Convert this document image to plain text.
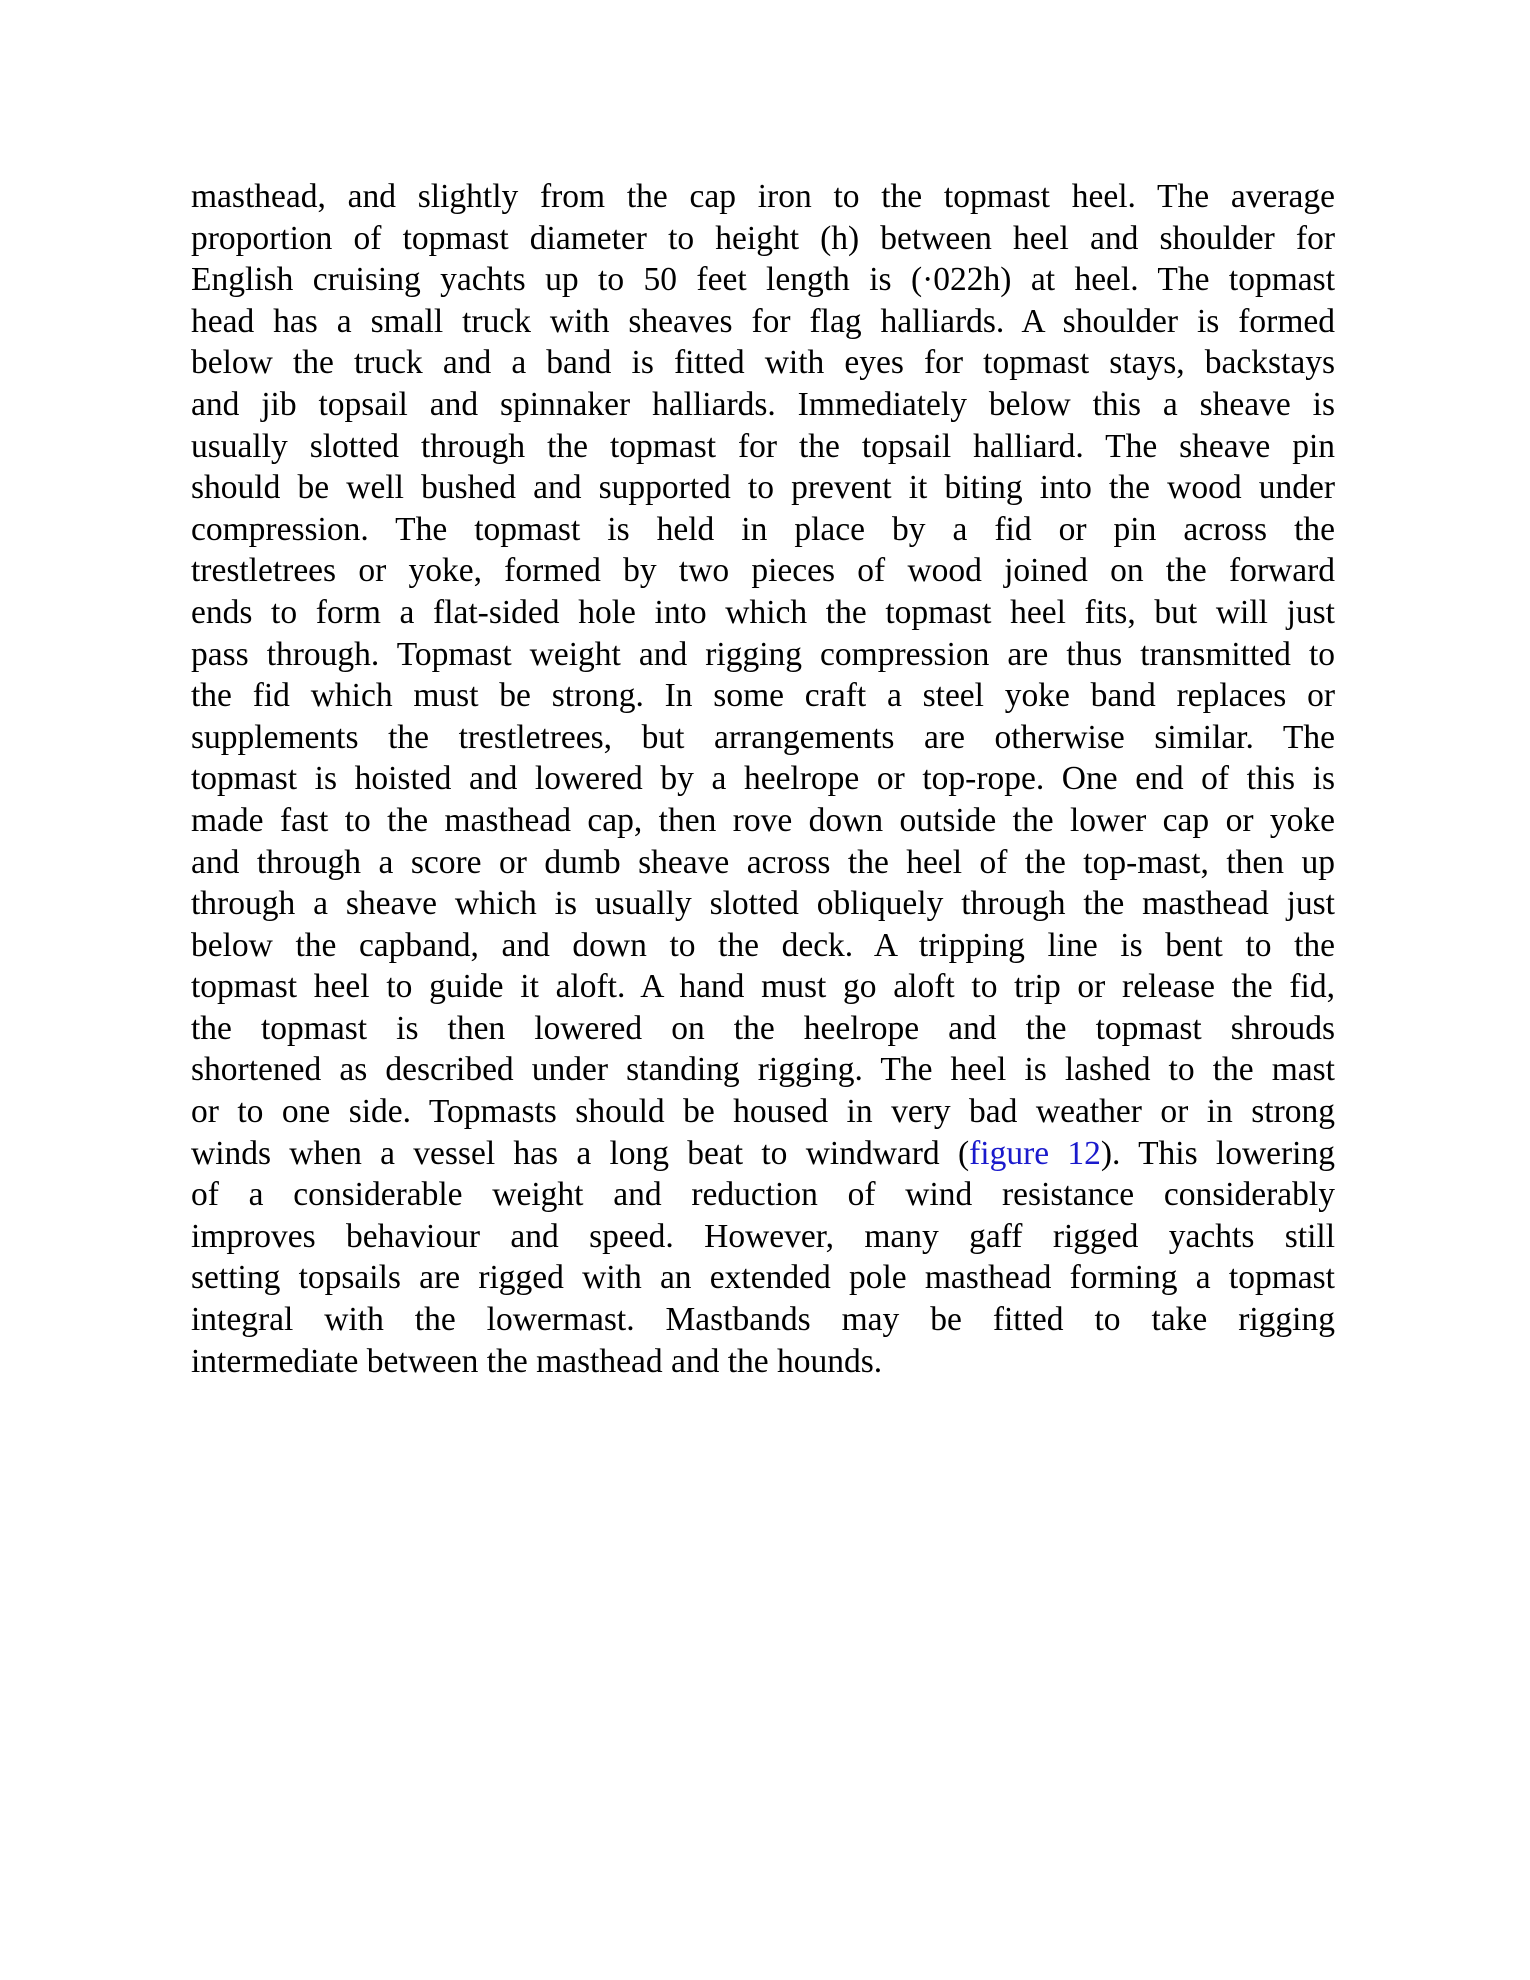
masthead, and slightly from the cap iron to the topmast heel. The average
proportion of topmast diameter to height (h) between heel and shoulder for
English cruising yachts up to 50 feet length is (·022h) at heel. The topmast
head has a small truck with sheaves for flag halliards. A shoulder is formed
below the truck and a band is fitted with eyes for topmast stays, backstays
and jib topsail and spinnaker halliards. Immediately below this a sheave is
usually slotted through the topmast for the topsail halliard. The sheave pin
should be well bushed and supported to prevent it biting into the wood under
compression. The topmast is held in place by a fid or pin across the
trestletrees or yoke, formed by two pieces of wood joined on the forward
ends to form a flat-sided hole into which the topmast heel fits, but will just
pass through. Topmast weight and rigging compression are thus transmitted to
the fid which must be strong. In some craft a steel yoke band replaces or
supplements the trestletrees, but arrangements are otherwise similar. The
topmast is hoisted and lowered by a heelrope or top-rope. One end of this is
made fast to the masthead cap, then rove down outside the lower cap or yoke
and through a score or dumb sheave across the heel of the top-mast, then up
through a sheave which is usually slotted obliquely through the masthead just
below the capband, and down to the deck. A tripping line is bent to the
topmast heel to guide it aloft. A hand must go aloft to trip or release the fid,
the topmast is then lowered on the heelrope and the topmast shrouds
shortened as described under standing rigging. The heel is lashed to the mast
or to one side. Topmasts should be housed in very bad weather or in strong
winds when a vessel has a long beat to windward (figure 12). This lowering
of a considerable weight and reduction of wind resistance considerably
improves behaviour and speed. However, many gaff rigged yachts still
setting topsails are rigged with an extended pole masthead forming a topmast
integral with the lowermast. Mastbands may be fitted to take rigging
intermediate between the masthead and the hounds.
